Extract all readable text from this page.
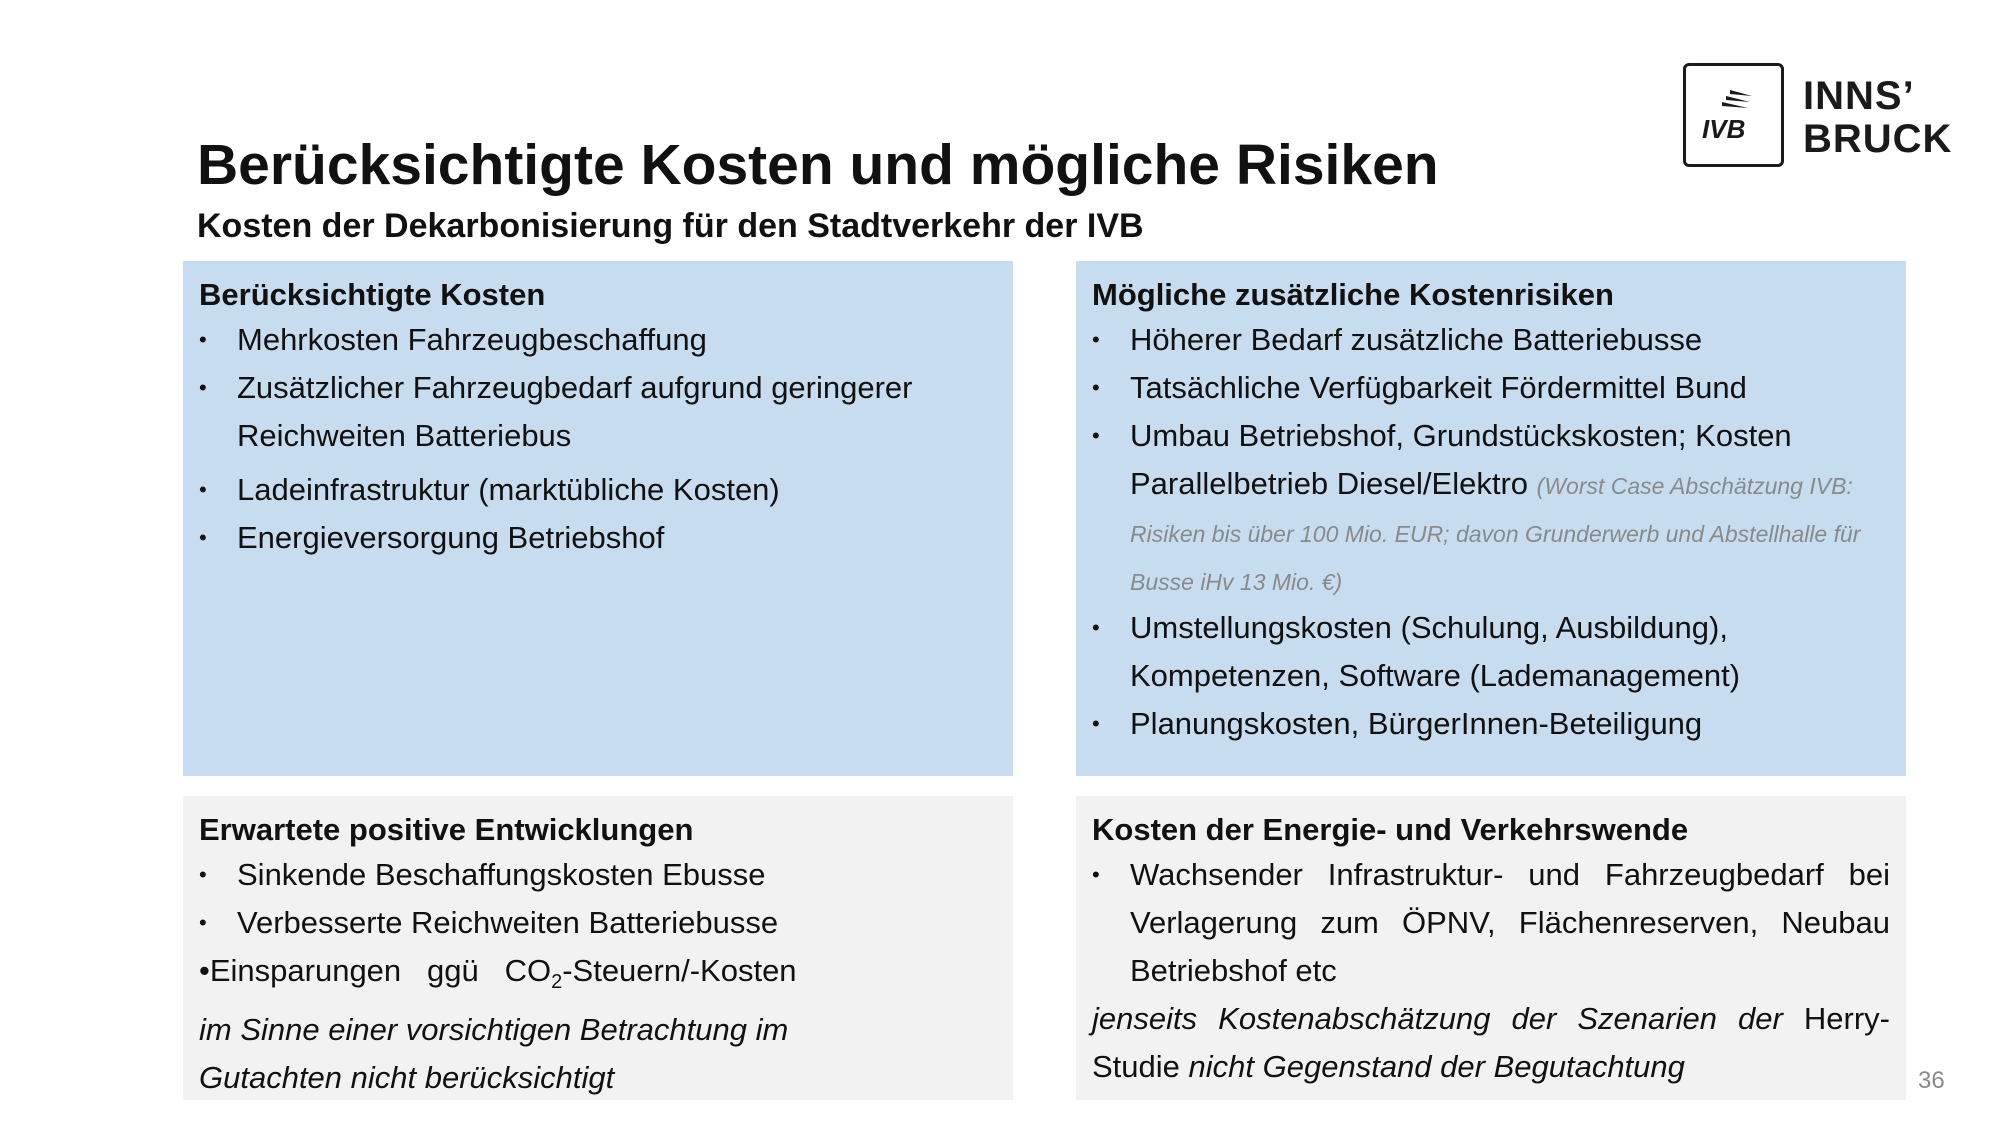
Berücksichtigte Kosten und mögliche Risiken
Kosten der Dekarbonisierung für den Stadtverkehr der IVB
IVB
INNS’
BRUCK
Berücksichtigte Kosten
• Mehrkosten Fahrzeugbeschaffung
• Zusätzlicher Fahrzeugbedarf aufgrund geringerer Reichweiten Batteriebus
• Ladeinfrastruktur (marktübliche Kosten)
• Energieversorgung Betriebshof
Mögliche zusätzliche Kostenrisiken
• Höherer Bedarf zusätzliche Batteriebusse
• Tatsächliche Verfügbarkeit Fördermittel Bund
• Umbau Betriebshof, Grundstückskosten; Kosten Parallelbetrieb Diesel/Elektro (Worst Case Abschätzung IVB: Risiken bis über 100 Mio. EUR; davon Grunderwerb und Abstellhalle für Busse iHv 13 Mio. €)
• Umstellungskosten (Schulung, Ausbildung), Kompetenzen, Software (Lademanagement)
• Planungskosten, BürgerInnen-Beteiligung
Erwartete positive Entwicklungen
• Sinkende Beschaffungskosten Ebusse
• Verbesserte Reichweiten Batteriebusse
•Einsparungen   ggü   $CO_2-Steuern/$-Kosten
im Sinne einer vorsichtigen Betrachtung im Gutachten nicht berücksichtigt
Kosten der Energie- und Verkehrswende
• Wachsender Infrastruktur- und Fahrzeugbedarf bei Verlagerung zum ÖPNV, Flächenreserven, Neubau Betriebshof etc
jenseits Kostenabschätzung der Szenarien der Herry-Studie nicht Gegenstand der Begutachtung	36
